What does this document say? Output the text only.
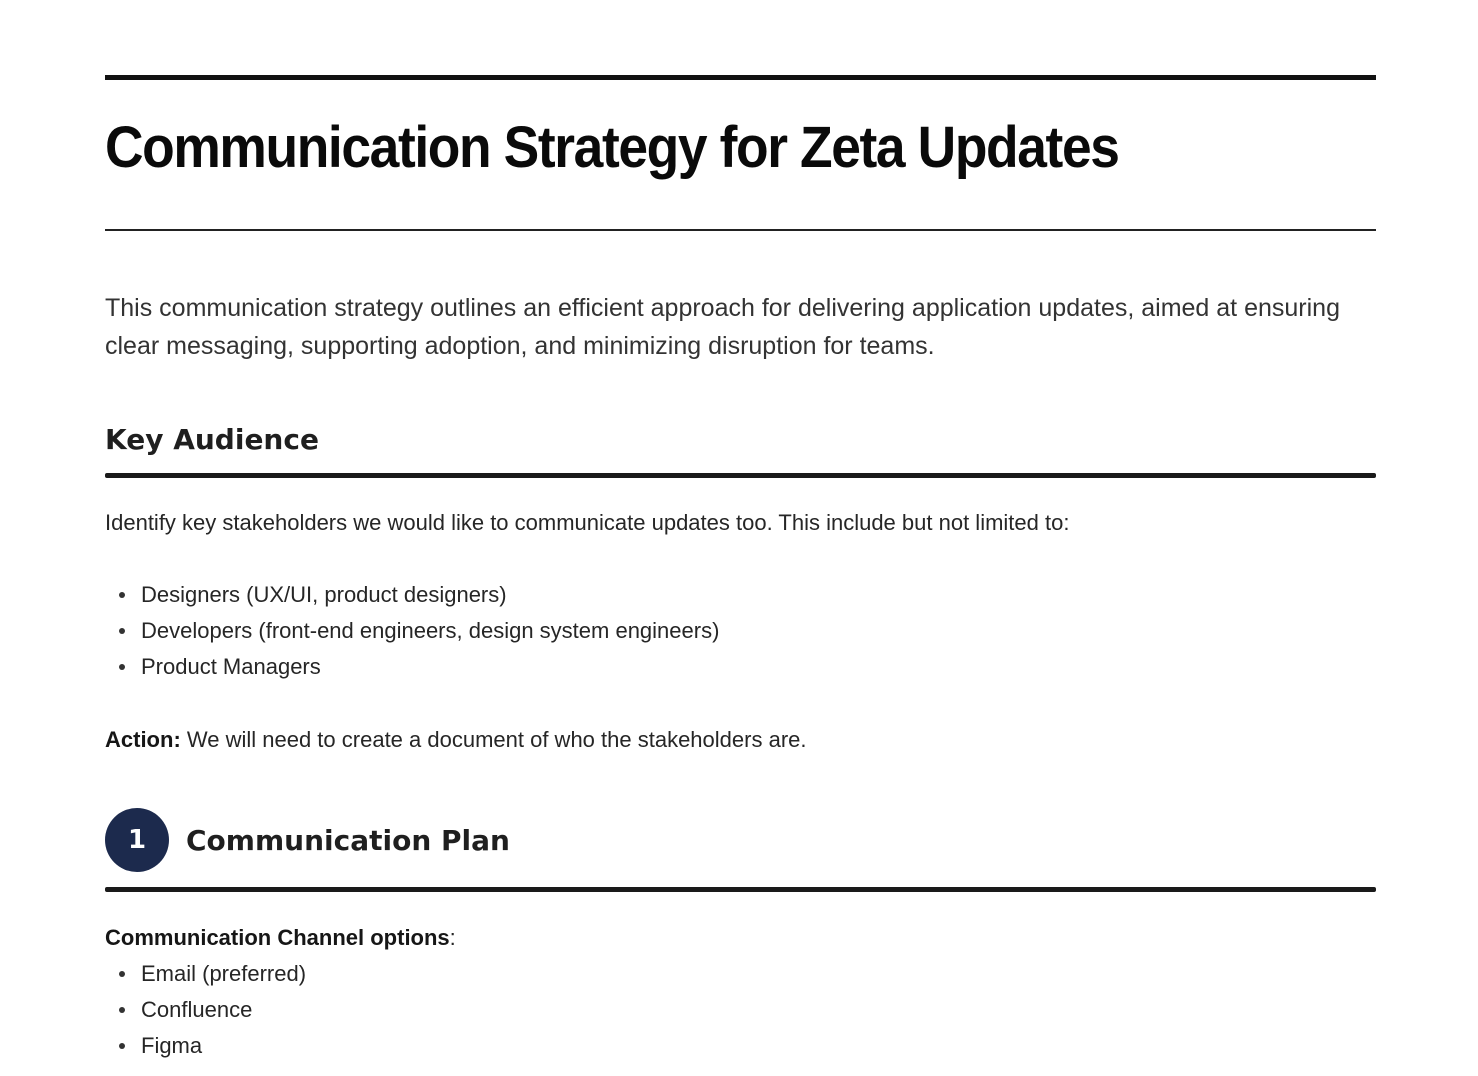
Communication Strategy for Zeta Updates

This communication strategy outlines an efficient approach for delivering application updates, aimed at ensuring clear messaging, supporting adoption, and minimizing disruption for teams.

Key Audience

Identify key stakeholders we would like to communicate updates too. This include but not limited to:

Designers (UX/UI, product designers)
Developers (front-end engineers, design system engineers)
Product Managers

Action: We will need to create a document of who the stakeholders are.

1	Communication Plan

Communication Channel options:

Email (preferred)
Confluence
Figma
